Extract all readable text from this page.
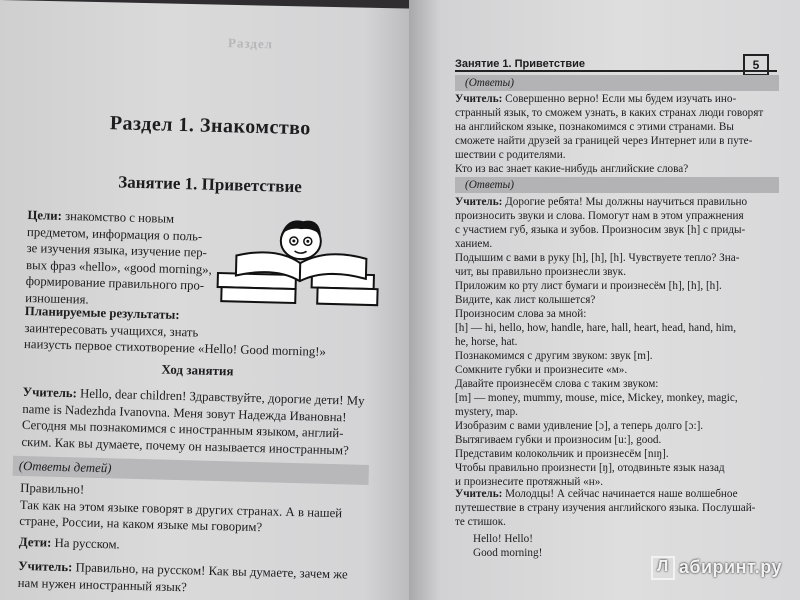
Раздел
Раздел 1. Знакомство
Занятие 1. Приветствие
Цели: знакомство с новым
предметом, информация о поль-
зе изучения языка, изучение пер-
вых фраз «hello», «good morning»,
формирование правильного про-
изношения.
Планируемые результаты:
заинтересовать учащихся, знать
наизусть первое стихотворение «Hello! Good morning!»
Ход занятия
Учитель: Hello, dear children! Здравствуйте, дорогие дети! My
name is Nadezhda Ivanovna. Меня зовут Надежда Ивановна!
Сегодня мы познакомимся с иностранным языком, англий-
ским. Как вы думаете, почему он называется иностранным?
(Ответы детей)
Правильно!
Так как на этом языке говорят в других странах. А в нашей
стране, России, на каком языке мы говорим?
Дети: На русском.
Учитель: Правильно, на русском! Как вы думаете, зачем же
нам нужен иностранный язык?
Занятие 1. Приветствие	5
(Ответы)
Учитель: Совершенно верно! Если мы будем изучать ино-
странный язык, то сможем узнать, в каких странах люди говорят
на английском языке, познакомимся с этими странами. Вы
сможете найти друзей за границей через Интернет или в путе-
шествии с родителями.
Кто из вас знает какие-нибудь английские слова?
(Ответы)
Учитель: Дорогие ребята! Мы должны научиться правильно
произносить звуки и слова. Помогут нам в этом упражнения
с участием губ, языка и зубов. Произносим звук [h] с приды-
ханием.
Подышим с вами в руку [h], [h], [h]. Чувствуете тепло? Зна-
чит, вы правильно произнесли звук.
Приложим ко рту лист бумаги и произнесём [h], [h], [h].
Видите, как лист колышется?
Произносим слова за мной:
[h] — hi, hello, how, handle, hare, hall, heart, head, hand, him,
he, horse, hat.
Познакомимся с другим звуком: звук [m].
Сомкните губки и произнесите «м».
Давайте произнесём слова с таким звуком:
[m] — money, mummy, mouse, mice, Mickey, monkey, magic,
mystery, map.
Изобразим с вами удивление [ɔ], а теперь долго [ɔ:].
Вытягиваем губки и произносим [u:], good.
Представим колокольчик и произнесём [nɪŋ].
Чтобы правильно произнести [ŋ], отодвиньте язык назад
и произнесите протяжный «н».
Учитель: Молодцы! А сейчас начинается наше волшебное
путешествие в страну изучения английского языка. Послушай-
те стишок.
Hello! Hello!
Good morning!
Л абиринт.ру
